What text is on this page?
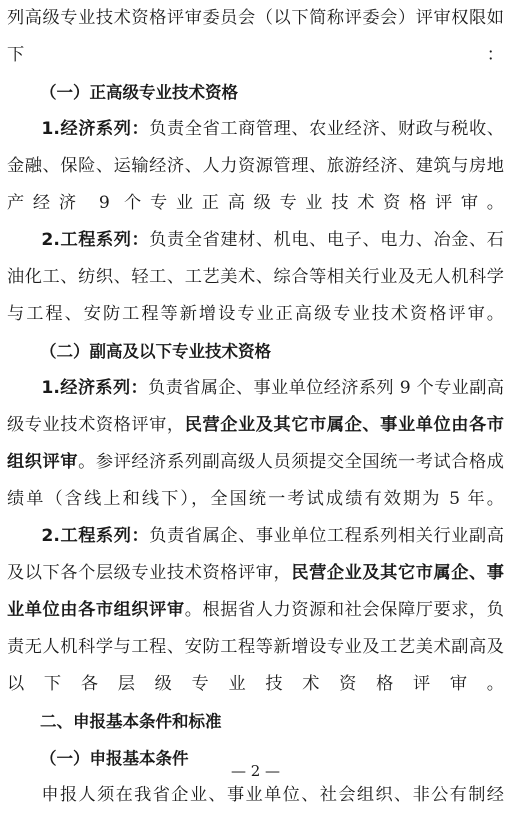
列高级专业技术资格评审委员会（以下简称评委会）评审权限如下：

（一）正高级专业技术资格

1.经济系列：负责全省工商管理、农业经济、财政与税收、金融、保险、运输经济、人力资源管理、旅游经济、建筑与房地产经济 9 个专业正高级专业技术资格评审。

2.工程系列：负责全省建材、机电、电子、电力、冶金、石油化工、纺织、轻工、工艺美术、综合等相关行业及无人机科学与工程、安防工程等新增设专业正高级专业技术资格评审。

（二）副高及以下专业技术资格

1.经济系列：负责省属企、事业单位经济系列 9 个专业副高级专业技术资格评审，民营企业及其它市属企、事业单位由各市组织评审。参评经济系列副高级人员须提交全国统一考试合格成绩单（含线上和线下），全国统一考试成绩有效期为 5 年。

2.工程系列：负责省属企、事业单位工程系列相关行业副高及以下各个层级专业技术资格评审，民营企业及其它市属企、事业单位由各市组织评审。根据省人力资源和社会保障厅要求，负责无人机科学与工程、安防工程等新增设专业及工艺美术副高及以下各层级专业技术资格评审。

二、申报基本条件和标准

（一）申报基本条件

申报人须在我省企业、事业单位、社会组织、非公有制经

— 2 —
